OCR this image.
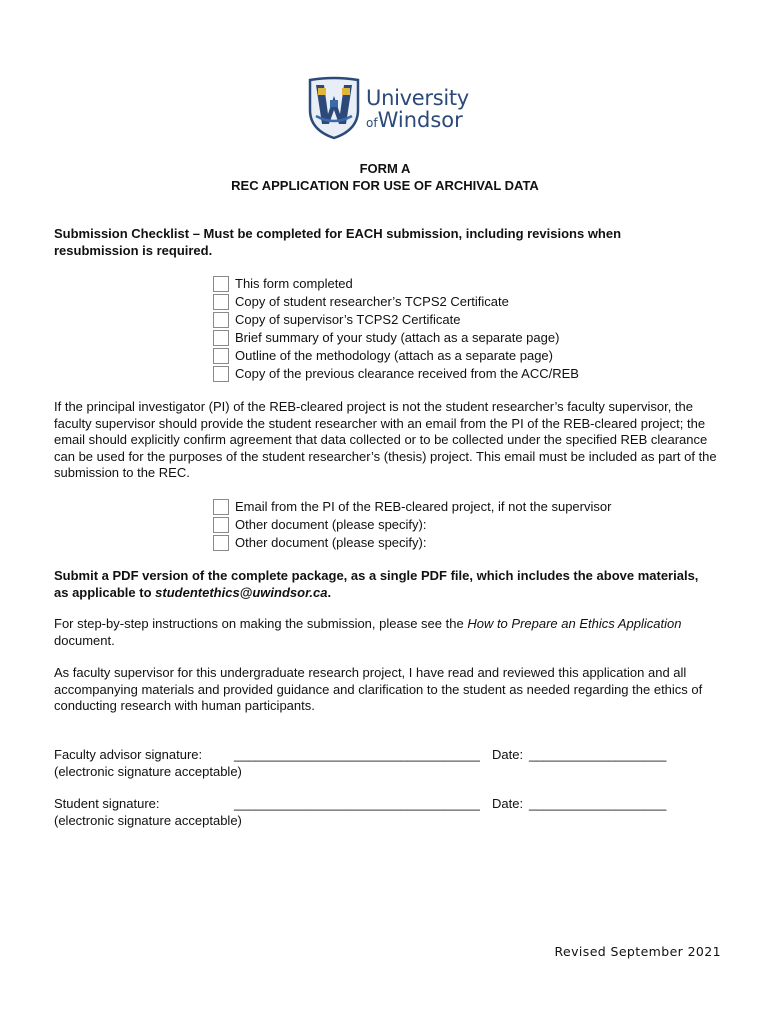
University
ofWindsor
FORM A
REC APPLICATION FOR USE OF ARCHIVAL DATA
Submission Checklist – Must be completed for EACH submission, including revisions when resubmission is required.
This form completed
Copy of student researcher’s TCPS2 Certificate
Copy of supervisor’s TCPS2 Certificate
Brief summary of your study (attach as a separate page)
Outline of the methodology (attach as a separate page)
Copy of the previous clearance received from the ACC/REB
If the principal investigator (PI) of the REB-cleared project is not the student researcher’s faculty supervisor, the faculty supervisor should provide the student researcher with an email from the PI of the REB-cleared project; the email should explicitly confirm agreement that data collected or to be collected under the specified REB clearance can be used for the purposes of the student researcher’s (thesis) project. This email must be included as part of the submission to the REC.
Email from the PI of the REB-cleared project, if not the supervisor
Other document (please specify):
Other document (please specify):
Submit a PDF version of the complete package, as a single PDF file, which includes the above materials, as applicable to studentethics@uwindsor.ca.
For step-by-step instructions on making the submission, please see the How to Prepare an Ethics Application document.
As faculty supervisor for this undergraduate research project, I have read and reviewed this application and all accompanying materials and provided guidance and clarification to the student as needed regarding the ethics of conducting research with human participants.
Faculty advisor signature: __________________________________ Date: ___________________
(electronic signature acceptable)
Student signature:	__________________________________ Date: ___________________
(electronic signature acceptable)
Revised September 2021
